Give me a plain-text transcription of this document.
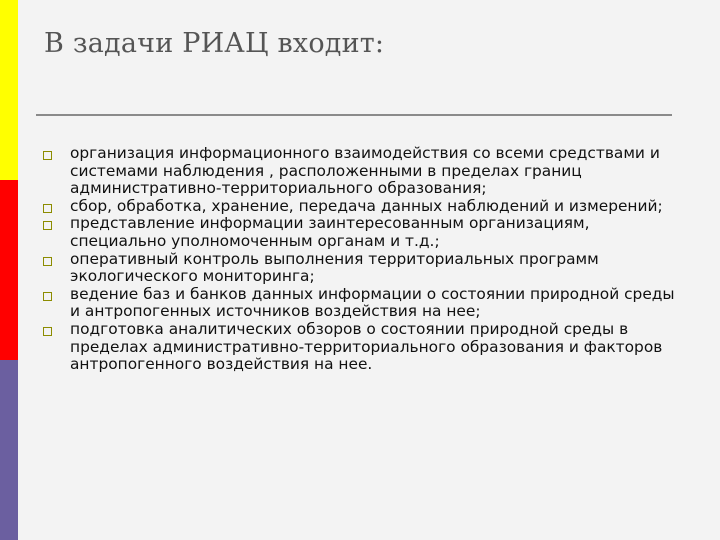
В задачи РИАЦ входит:
организация информационного взаимодействия со всеми средствами и системами наблюдения , расположенными в пределах границ административно-территориального образования;
сбор, обработка, хранение, передача данных наблюдений и измерений;
представление информации заинтересованным организациям, специально уполномоченным органам и т.д.;
оперативный контроль выполнения территориальных программ экологического мониторинга;
ведение баз и банков данных информации о состоянии природной среды и антропогенных источников воздействия на нее;
подготовка аналитических обзоров о состоянии природной среды в пределах административно-территориального образования и факторов антропогенного воздействия на нее.
